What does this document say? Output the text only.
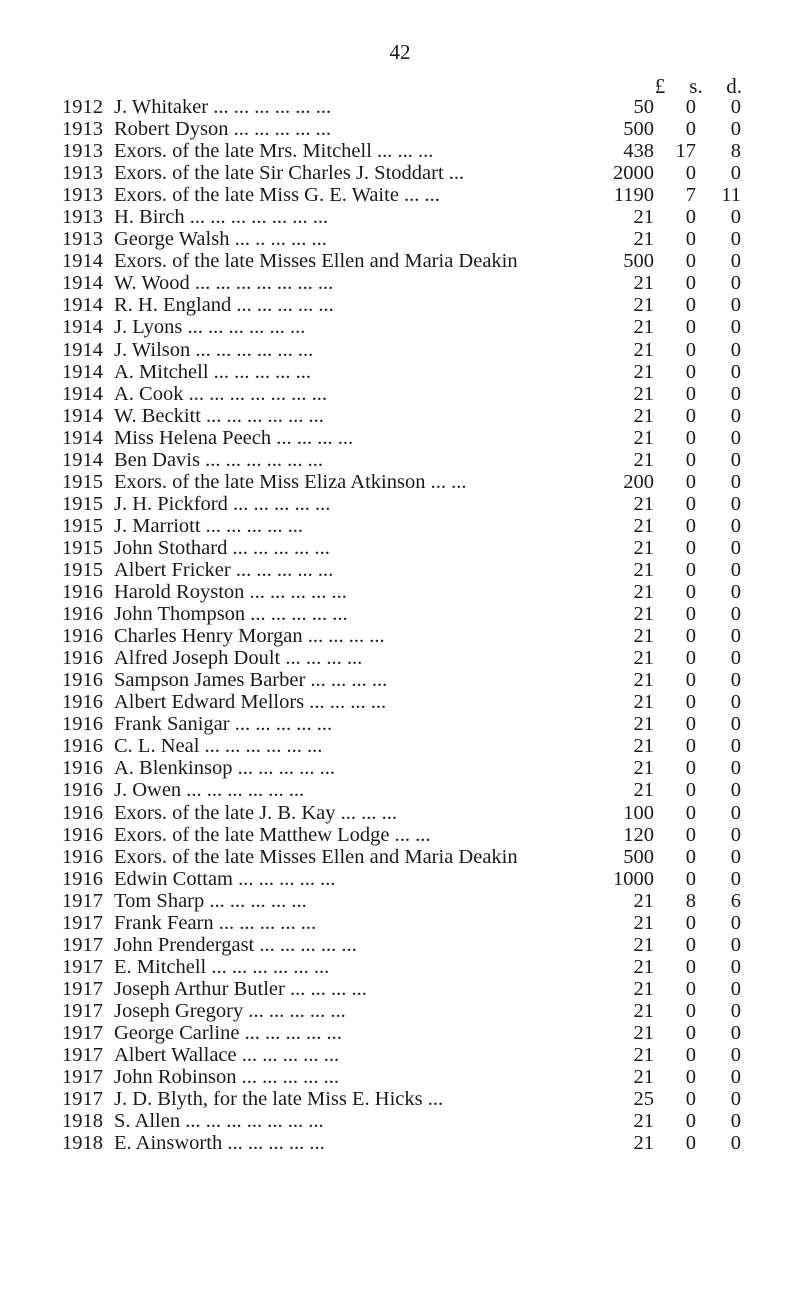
42
£	s.	d.
1912 J. Whitaker ... ... ... ... ... ...	50	0	0
1913 Robert Dyson ... ... ... ... ...	500	0	0
1913 Exors. of the late Mrs. Mitchell ... ... ...	438	17	8
1913 Exors. of the late Sir Charles J. Stoddart ...	2000	0	0
1913 Exors. of the late Miss G. E. Waite ... ...	1190	7	11
1913 H. Birch ... ... ... ... ... ... ...	21	0	0
1913 George Walsh ... .. ... ... ...	21	0	0
1914 Exors. of the late Misses Ellen and Maria Deakin	500	0	0
1914 W. Wood ... ... ... ... ... ... ...	21	0	0
1914 R. H. England ... ... ... ... ...	21	0	0
1914 J. Lyons ... ... ... ... ... ...	21	0	0
1914 J. Wilson ... ... ... ... ... ...	21	0	0
1914 A. Mitchell ... ... ... ... ...	21	0	0
1914 A. Cook ... ... ... ... ... ... ...	21	0	0
1914 W. Beckitt ... ... ... ... ... ...	21	0	0
1914 Miss Helena Peech ... ... ... ...	21	0	0
1914 Ben Davis ... ... ... ... ... ...	21	0	0
1915 Exors. of the late Miss Eliza Atkinson ... ...	200	0	0
1915 J. H. Pickford ... ... ... ... ...	21	0	0
1915 J. Marriott ... ... ... ... ...	21	0	0
1915 John Stothard ... ... ... ... ...	21	0	0
1915 Albert Fricker ... ... ... ... ...	21	0	0
1916 Harold Royston ... ... ... ... ...	21	0	0
1916 John Thompson ... ... ... ... ...	21	0	0
1916 Charles Henry Morgan ... ... ... ...	21	0	0
1916 Alfred Joseph Doult ... ... ... ...	21	0	0
1916 Sampson James Barber ... ... ... ...	21	0	0
1916 Albert Edward Mellors ... ... ... ...	21	0	0
1916 Frank Sanigar ... ... ... ... ...	21	0	0
1916 C. L. Neal ... ... ... ... ... ...	21	0	0
1916 A. Blenkinsop ... ... ... ... ...	21	0	0
1916 J. Owen ... ... ... ... ... ...	21	0	0
1916 Exors. of the late J. B. Kay ... ... ...	100	0	0
1916 Exors. of the late Matthew Lodge ... ...	120	0	0
1916 Exors. of the late Misses Ellen and Maria Deakin	500	0	0
1916 Edwin Cottam ... ... ... ... ...	1000	0	0
1917 Tom Sharp ... ... ... ... ...	21	8	6
1917 Frank Fearn ... ... ... ... ...	21	0	0
1917 John Prendergast ... ... ... ... ...	21	0	0
1917 E. Mitchell ... ... ... ... ... ...	21	0	0
1917 Joseph Arthur Butler ... ... ... ...	21	0	0
1917 Joseph Gregory ... ... ... ... ...	21	0	0
1917 George Carline ... ... ... ... ...	21	0	0
1917 Albert Wallace ... ... ... ... ...	21	0	0
1917 John Robinson ... ... ... ... ...	21	0	0
1917 J. D. Blyth, for the late Miss E. Hicks ...	25	0	0
1918 S. Allen ... ... ... ... ... ... ...	21	0	0
1918 E. Ainsworth ... ... ... ... ...	21	0	0
